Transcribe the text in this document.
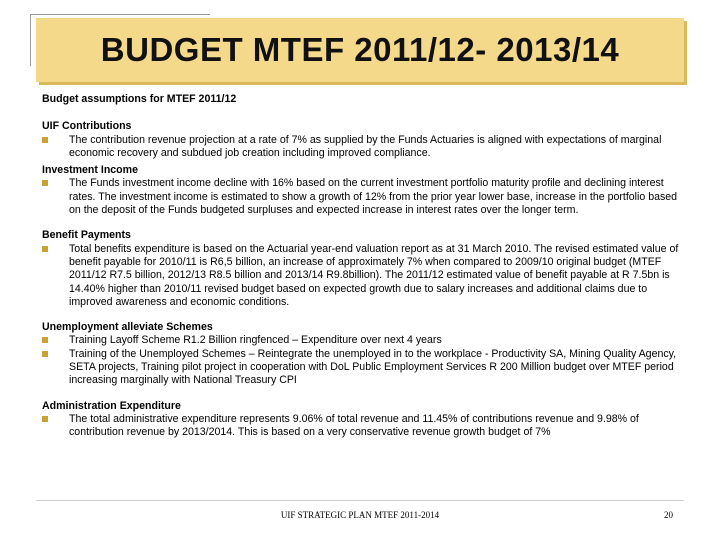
BUDGET MTEF 2011/12- 2013/14
Budget assumptions for MTEF 2011/12
UIF Contributions
The contribution revenue projection at a rate of 7% as supplied by the Funds Actuaries is aligned with expectations of marginal economic recovery and subdued job creation including improved compliance.
Investment Income
The Funds investment income decline with 16% based on the current investment portfolio maturity profile and declining interest rates. The investment income is estimated to show a growth of 12% from the prior year lower base, increase in the portfolio based on the deposit of the Funds budgeted surpluses and expected increase in interest rates over the longer term.
Benefit Payments
Total benefits expenditure is based on the Actuarial year-end valuation report as at 31 March 2010. The revised estimated value of benefit payable for 2010/11 is R6,5 billion, an increase of approximately 7% when compared to 2009/10 original budget (MTEF 2011/12 R7.5 billion, 2012/13 R8.5 billion and 2013/14 R9.8billion). The 2011/12 estimated value of benefit payable at R 7.5bn is 14.40% higher than 2010/11 revised budget based on expected growth due to salary increases and additional claims due to improved awareness and economic conditions.
Unemployment alleviate Schemes
Training Layoff Scheme R1.2 Billion ringfenced – Expenditure over next 4 years
Training of the Unemployed Schemes – Reintegrate the unemployed in to the workplace - Productivity SA, Mining Quality Agency, SETA projects, Training pilot project in cooperation with DoL Public Employment Services R 200 Million budget over MTEF period increasing marginally with National Treasury CPI
Administration Expenditure
The total administrative expenditure represents 9.06% of total revenue and 11.45% of contributions revenue and 9.98% of contribution revenue by 2013/2014. This is based on a very conservative revenue growth budget of 7%
UIF STRATEGIC PLAN MTEF 2011-2014	20
